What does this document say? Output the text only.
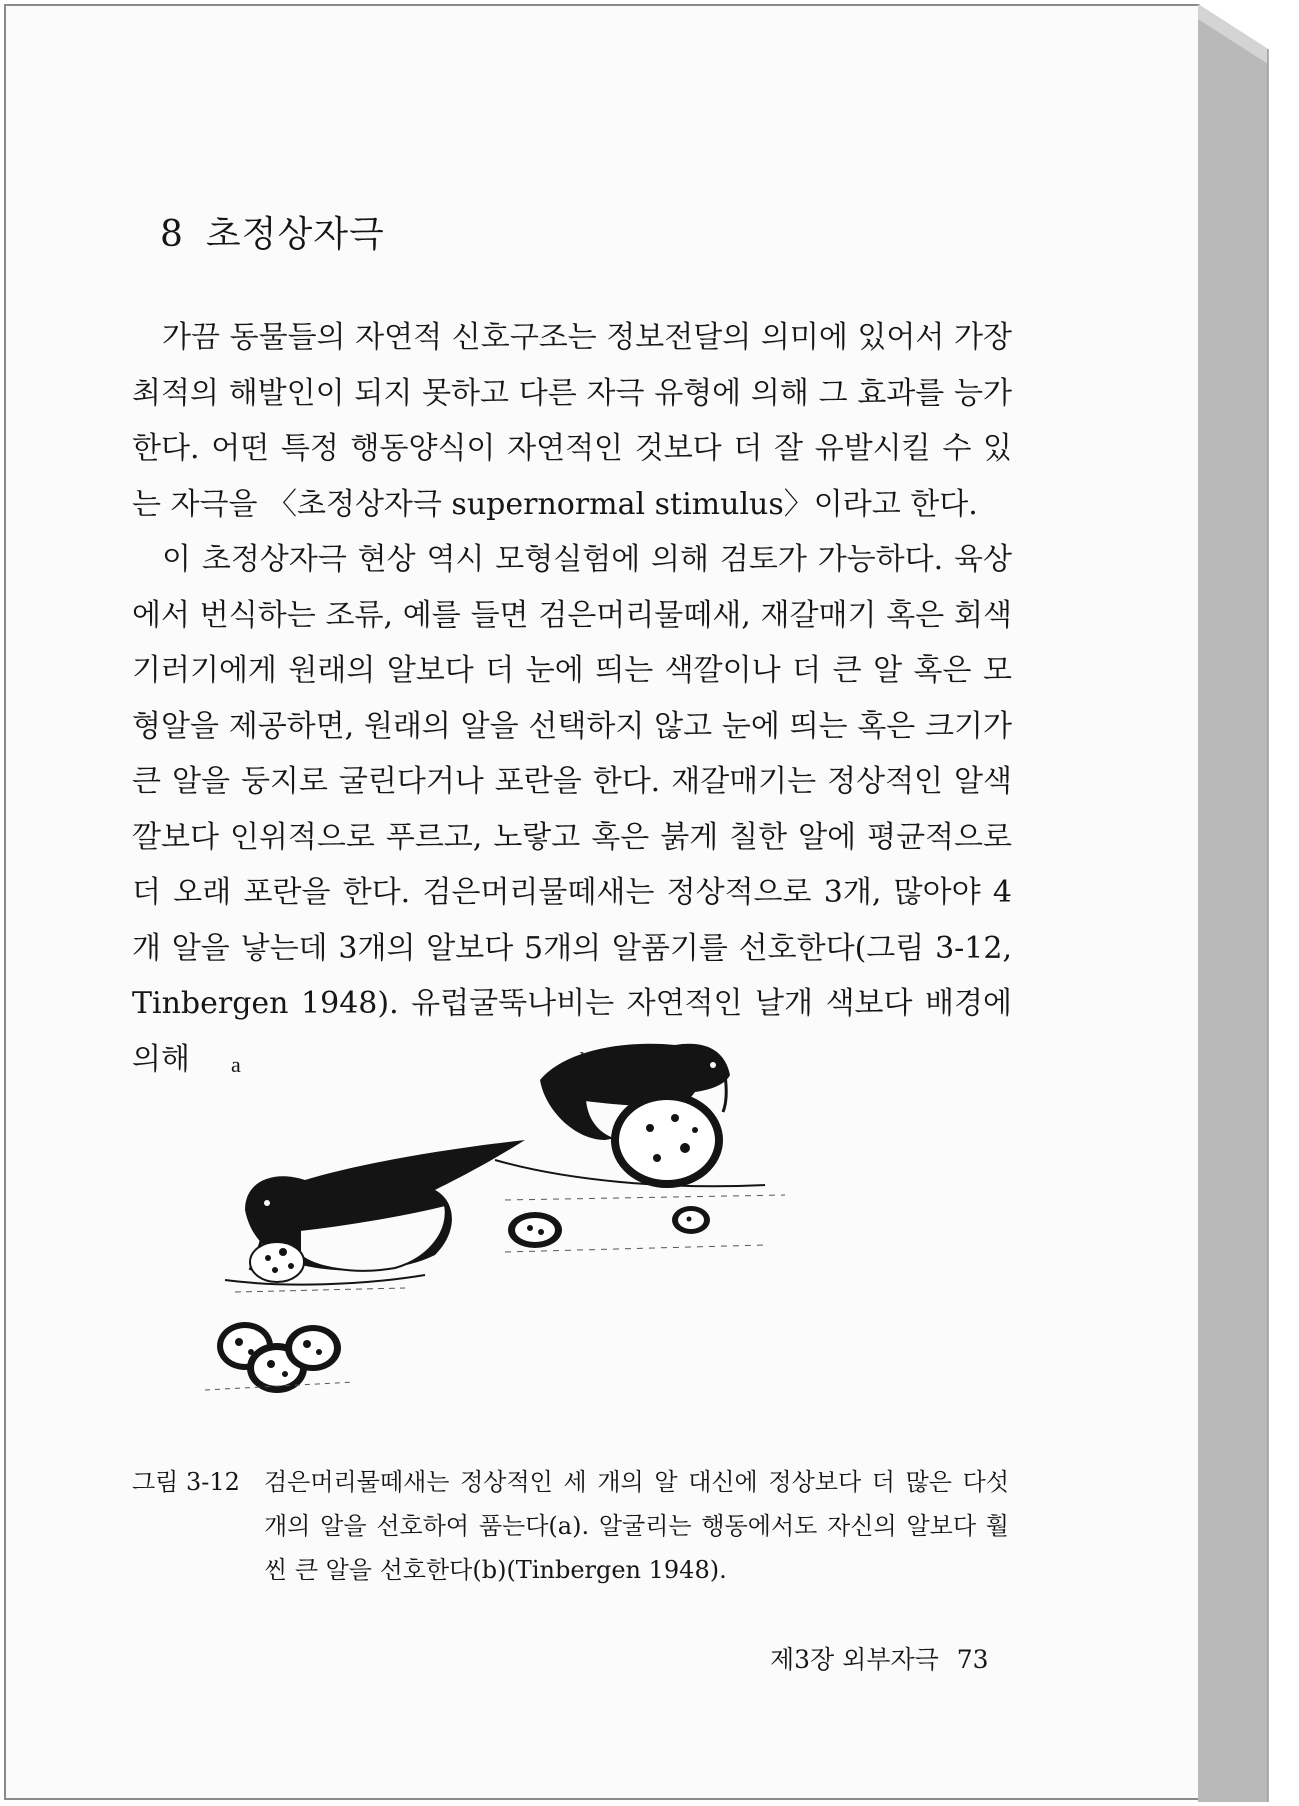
8 초정상자극

가끔 동물들의 자연적 신호구조는 정보전달의 의미에 있어서 가장 최적의 해발인이 되지 못하고 다른 자극 유형에 의해 그 효과를 능가한다. 어떤 특정 행동양식이 자연적인 것보다 더 잘 유발시킬 수 있는 자극을 〈초정상자극 supernormal stimulus〉이라고 한다.

이 초정상자극 현상 역시 모형실험에 의해 검토가 가능하다. 육상에서 번식하는 조류, 예를 들면 검은머리물떼새, 재갈매기 혹은 회색기러기에게 원래의 알보다 더 눈에 띄는 색깔이나 더 큰 알 혹은 모형알을 제공하면, 원래의 알을 선택하지 않고 눈에 띄는 혹은 크기가 큰 알을 둥지로 굴린다거나 포란을 한다. 재갈매기는 정상적인 알색깔보다 인위적으로 푸르고, 노랗고 혹은 붉게 칠한 알에 평균적으로 더 오래 포란을 한다. 검은머리물떼새는 정상적으로 3개, 많아야 4개 알을 낳는데 3개의 알보다 5개의 알품기를 선호한다(그림 3-12, Tinbergen 1948). 유럽굴뚝나비는 자연적인 날개 색보다 배경에 의해	a
그림 3-12	검은머리물떼새는 정상적인 세 개의 알 대신에 정상보다 더 많은 다섯 개의 알을 선호하여 품는다(a). 알굴리는 행동에서도 자신의 알보다 훨씬 큰 알을 선호한다(b)(Tinbergen 1948).
제3장 외부자극 73
